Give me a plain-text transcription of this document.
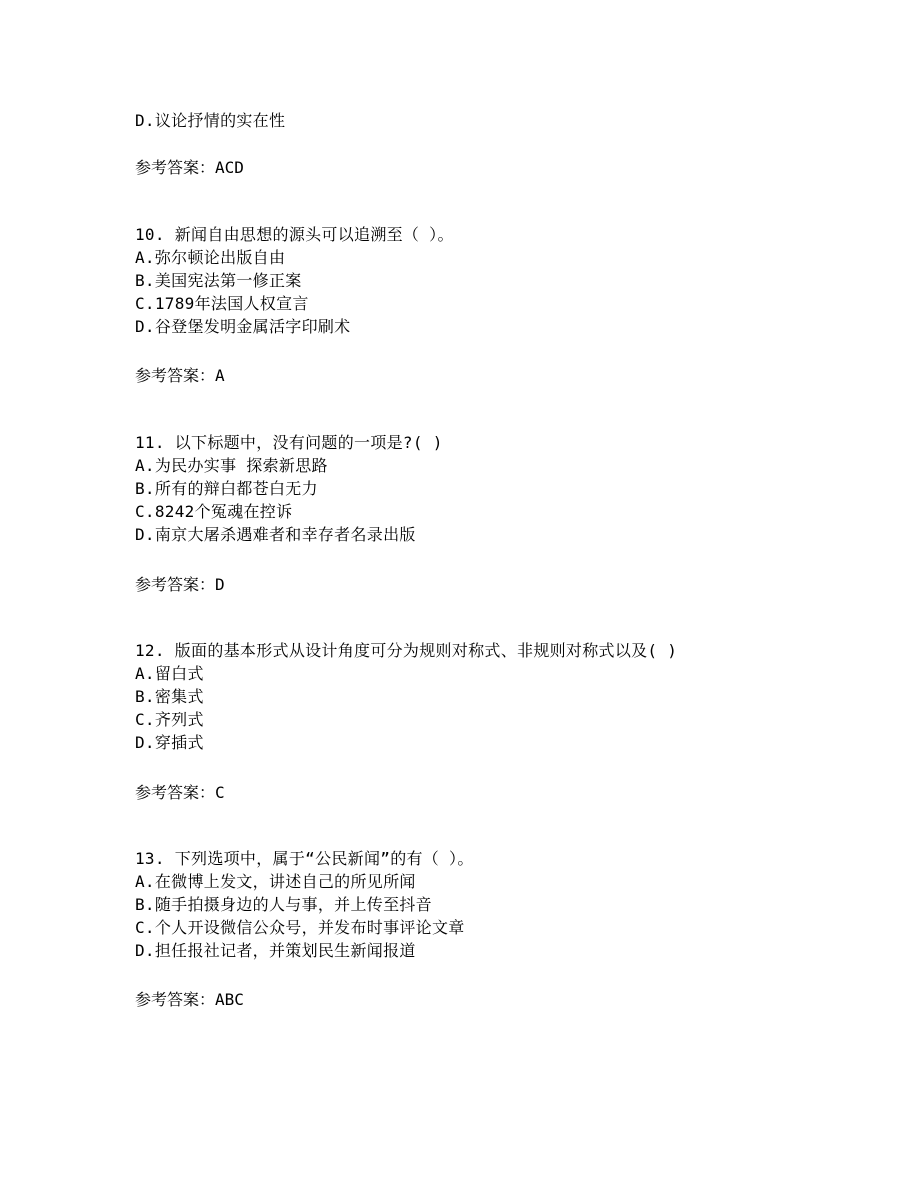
D.议论抒情的实在性
参考答案：ACD
10. 新闻自由思想的源头可以追溯至（ ）。
A.弥尔顿论出版自由
B.美国宪法第一修正案
C.1789年法国人权宣言
D.谷登堡发明金属活字印刷术
参考答案：A
11. 以下标题中，没有问题的一项是?( )
A.为民办实事 探索新思路
B.所有的辩白都苍白无力
C.8242个冤魂在控诉
D.南京大屠杀遇难者和幸存者名录出版
参考答案：D
12. 版面的基本形式从设计角度可分为规则对称式、非规则对称式以及( )
A.留白式
B.密集式
C.齐列式
D.穿插式
参考答案：C
13. 下列选项中，属于“公民新闻”的有（ ）。
A.在微博上发文，讲述自己的所见所闻
B.随手拍摄身边的人与事，并上传至抖音
C.个人开设微信公众号，并发布时事评论文章
D.担任报社记者，并策划民生新闻报道
参考答案：ABC
